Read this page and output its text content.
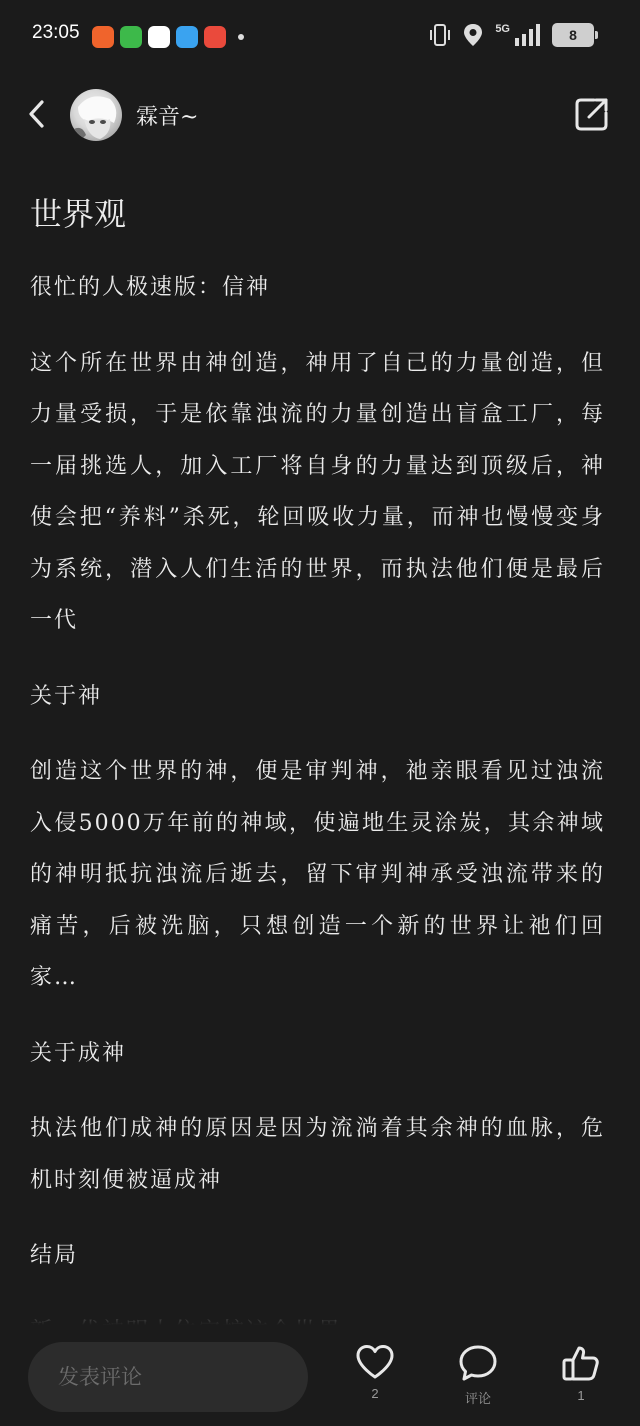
23:05	5G	8
霖音~
世界观

很忙的人极速版：信神

这个所在世界由神创造，神用了自己的力量创造，但力量受损，于是依靠浊流的力量创造出盲盒工厂，每一届挑选人，加入工厂将自身的力量达到顶级后，神使会把“养料”杀死，轮回吸收力量，而神也慢慢变身为系统，潜入人们生活的世界，而执法他们便是最后一代

关于神

创造这个世界的神，便是审判神，祂亲眼看见过浊流入侵5000万年前的神域，使遍地生灵涂炭，其余神域的神明抵抗浊流后逝去，留下审判神承受浊流带来的痛苦，后被洗脑，只想创造一个新的世界让祂们回家…

关于成神

执法他们成神的原因是因为流淌着其余神的血脉，危机时刻便被逼成神

结局

发表评论
2	评论	1
